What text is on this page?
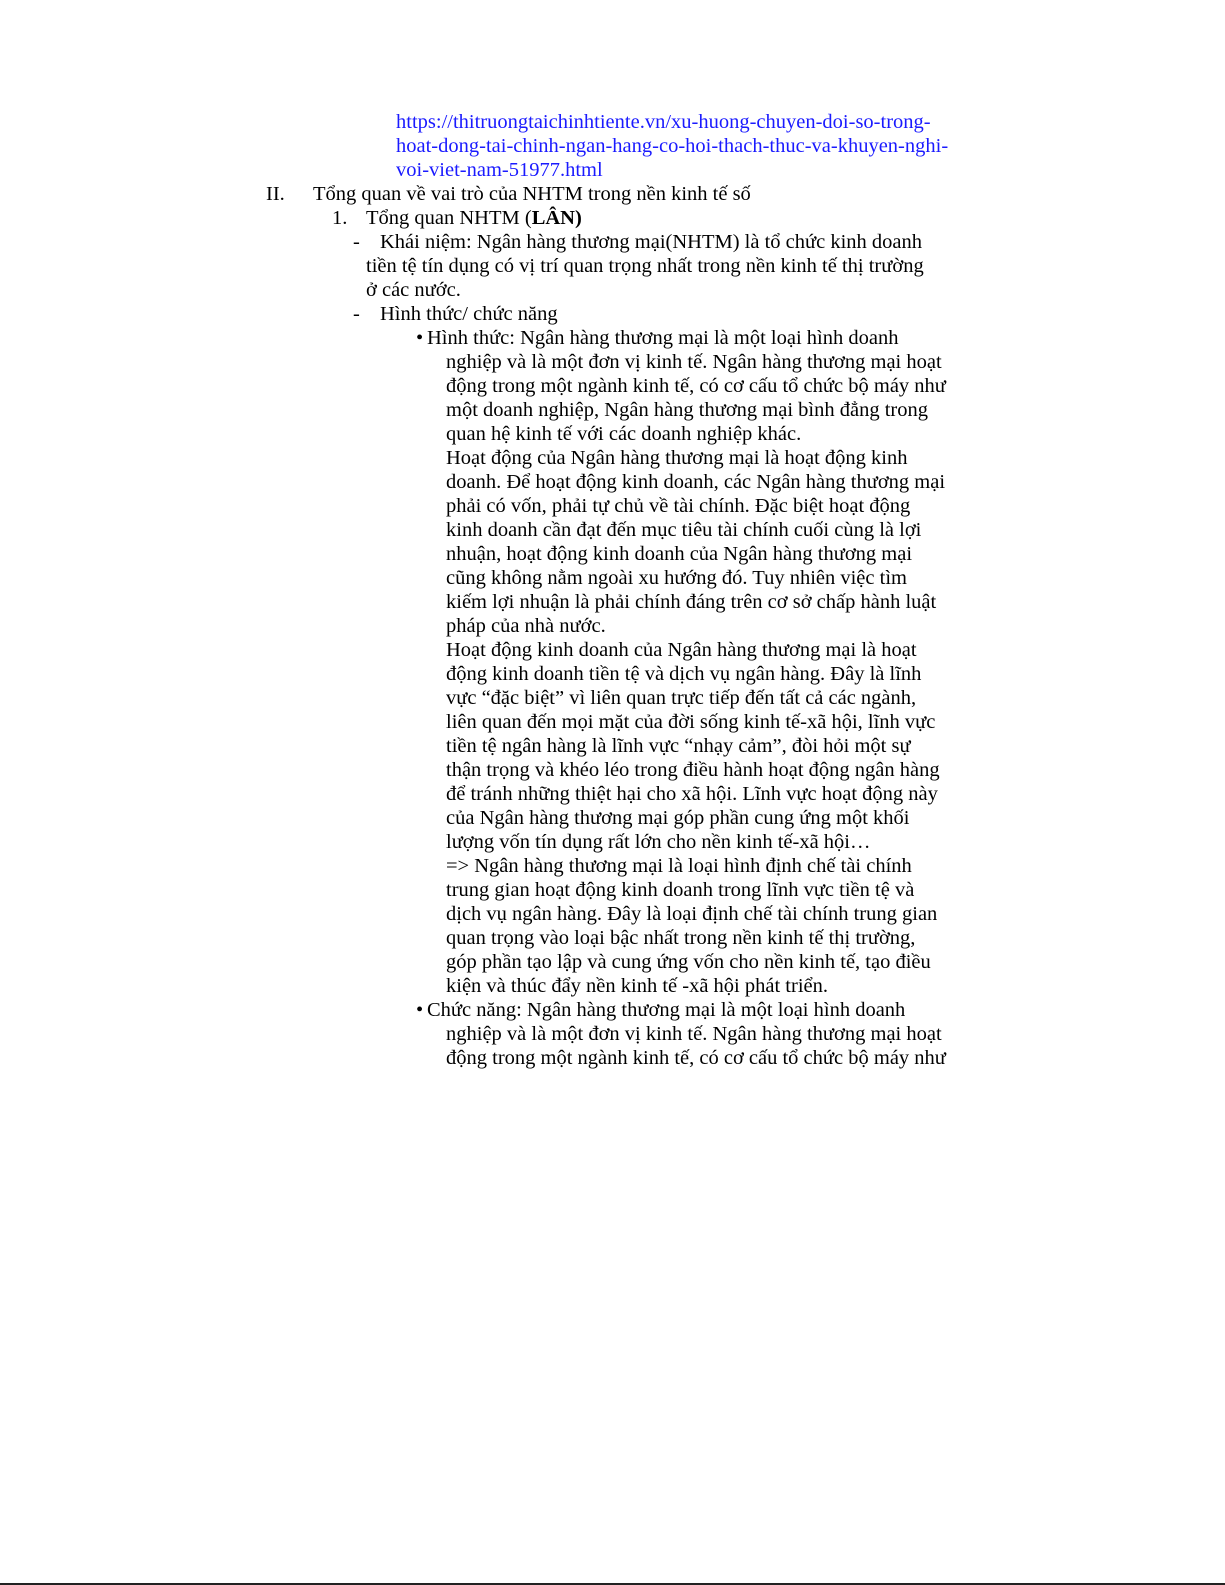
https://thitruongtaichinhtiente.vn/xu-huong-chuyen-doi-so-trong-
hoat-dong-tai-chinh-ngan-hang-co-hoi-thach-thuc-va-khuyen-nghi-
voi-viet-nam-51977.html
II. Tổng quan về vai trò của NHTM trong nền kinh tế số
1. Tổng quan NHTM (LÂN)
- Khái niệm: Ngân hàng thương mại(NHTM) là tổ chức kinh doanh
tiền tệ tín dụng có vị trí quan trọng nhất trong nền kinh tế thị trường
ở các nước.
- Hình thức/ chức năng
• Hình thức: Ngân hàng thương mại là một loại hình doanh
nghiệp và là một đơn vị kinh tế. Ngân hàng thương mại hoạt
động trong một ngành kinh tế, có cơ cấu tổ chức bộ máy như
một doanh nghiệp, Ngân hàng thương mại bình đẳng trong
quan hệ kinh tế với các doanh nghiệp khác.
Hoạt động của Ngân hàng thương mại là hoạt động kinh
doanh. Để hoạt động kinh doanh, các Ngân hàng thương mại
phải có vốn, phải tự chủ về tài chính. Đặc biệt hoạt động
kinh doanh cần đạt đến mục tiêu tài chính cuối cùng là lợi
nhuận, hoạt động kinh doanh của Ngân hàng thương mại
cũng không nằm ngoài xu hướng đó. Tuy nhiên việc tìm
kiếm lợi nhuận là phải chính đáng trên cơ sở chấp hành luật
pháp của nhà nước.
Hoạt động kinh doanh của Ngân hàng thương mại là hoạt
động kinh doanh tiền tệ và dịch vụ ngân hàng. Đây là lĩnh
vực “đặc biệt” vì liên quan trực tiếp đến tất cả các ngành,
liên quan đến mọi mặt của đời sống kinh tế-xã hội, lĩnh vực
tiền tệ ngân hàng là lĩnh vực “nhạy cảm”, đòi hỏi một sự
thận trọng và khéo léo trong điều hành hoạt động ngân hàng
để tránh những thiệt hại cho xã hội. Lĩnh vực hoạt động này
của Ngân hàng thương mại góp phần cung ứng một khối
lượng vốn tín dụng rất lớn cho nền kinh tế-xã hội…
=> Ngân hàng thương mại là loại hình định chế tài chính
trung gian hoạt động kinh doanh trong lĩnh vực tiền tệ và
dịch vụ ngân hàng. Đây là loại định chế tài chính trung gian
quan trọng vào loại bậc nhất trong nền kinh tế thị trường,
góp phần tạo lập và cung ứng vốn cho nền kinh tế, tạo điều
kiện và thúc đẩy nền kinh tế -xã hội phát triển.
• Chức năng: Ngân hàng thương mại là một loại hình doanh
nghiệp và là một đơn vị kinh tế. Ngân hàng thương mại hoạt
động trong một ngành kinh tế, có cơ cấu tổ chức bộ máy như
